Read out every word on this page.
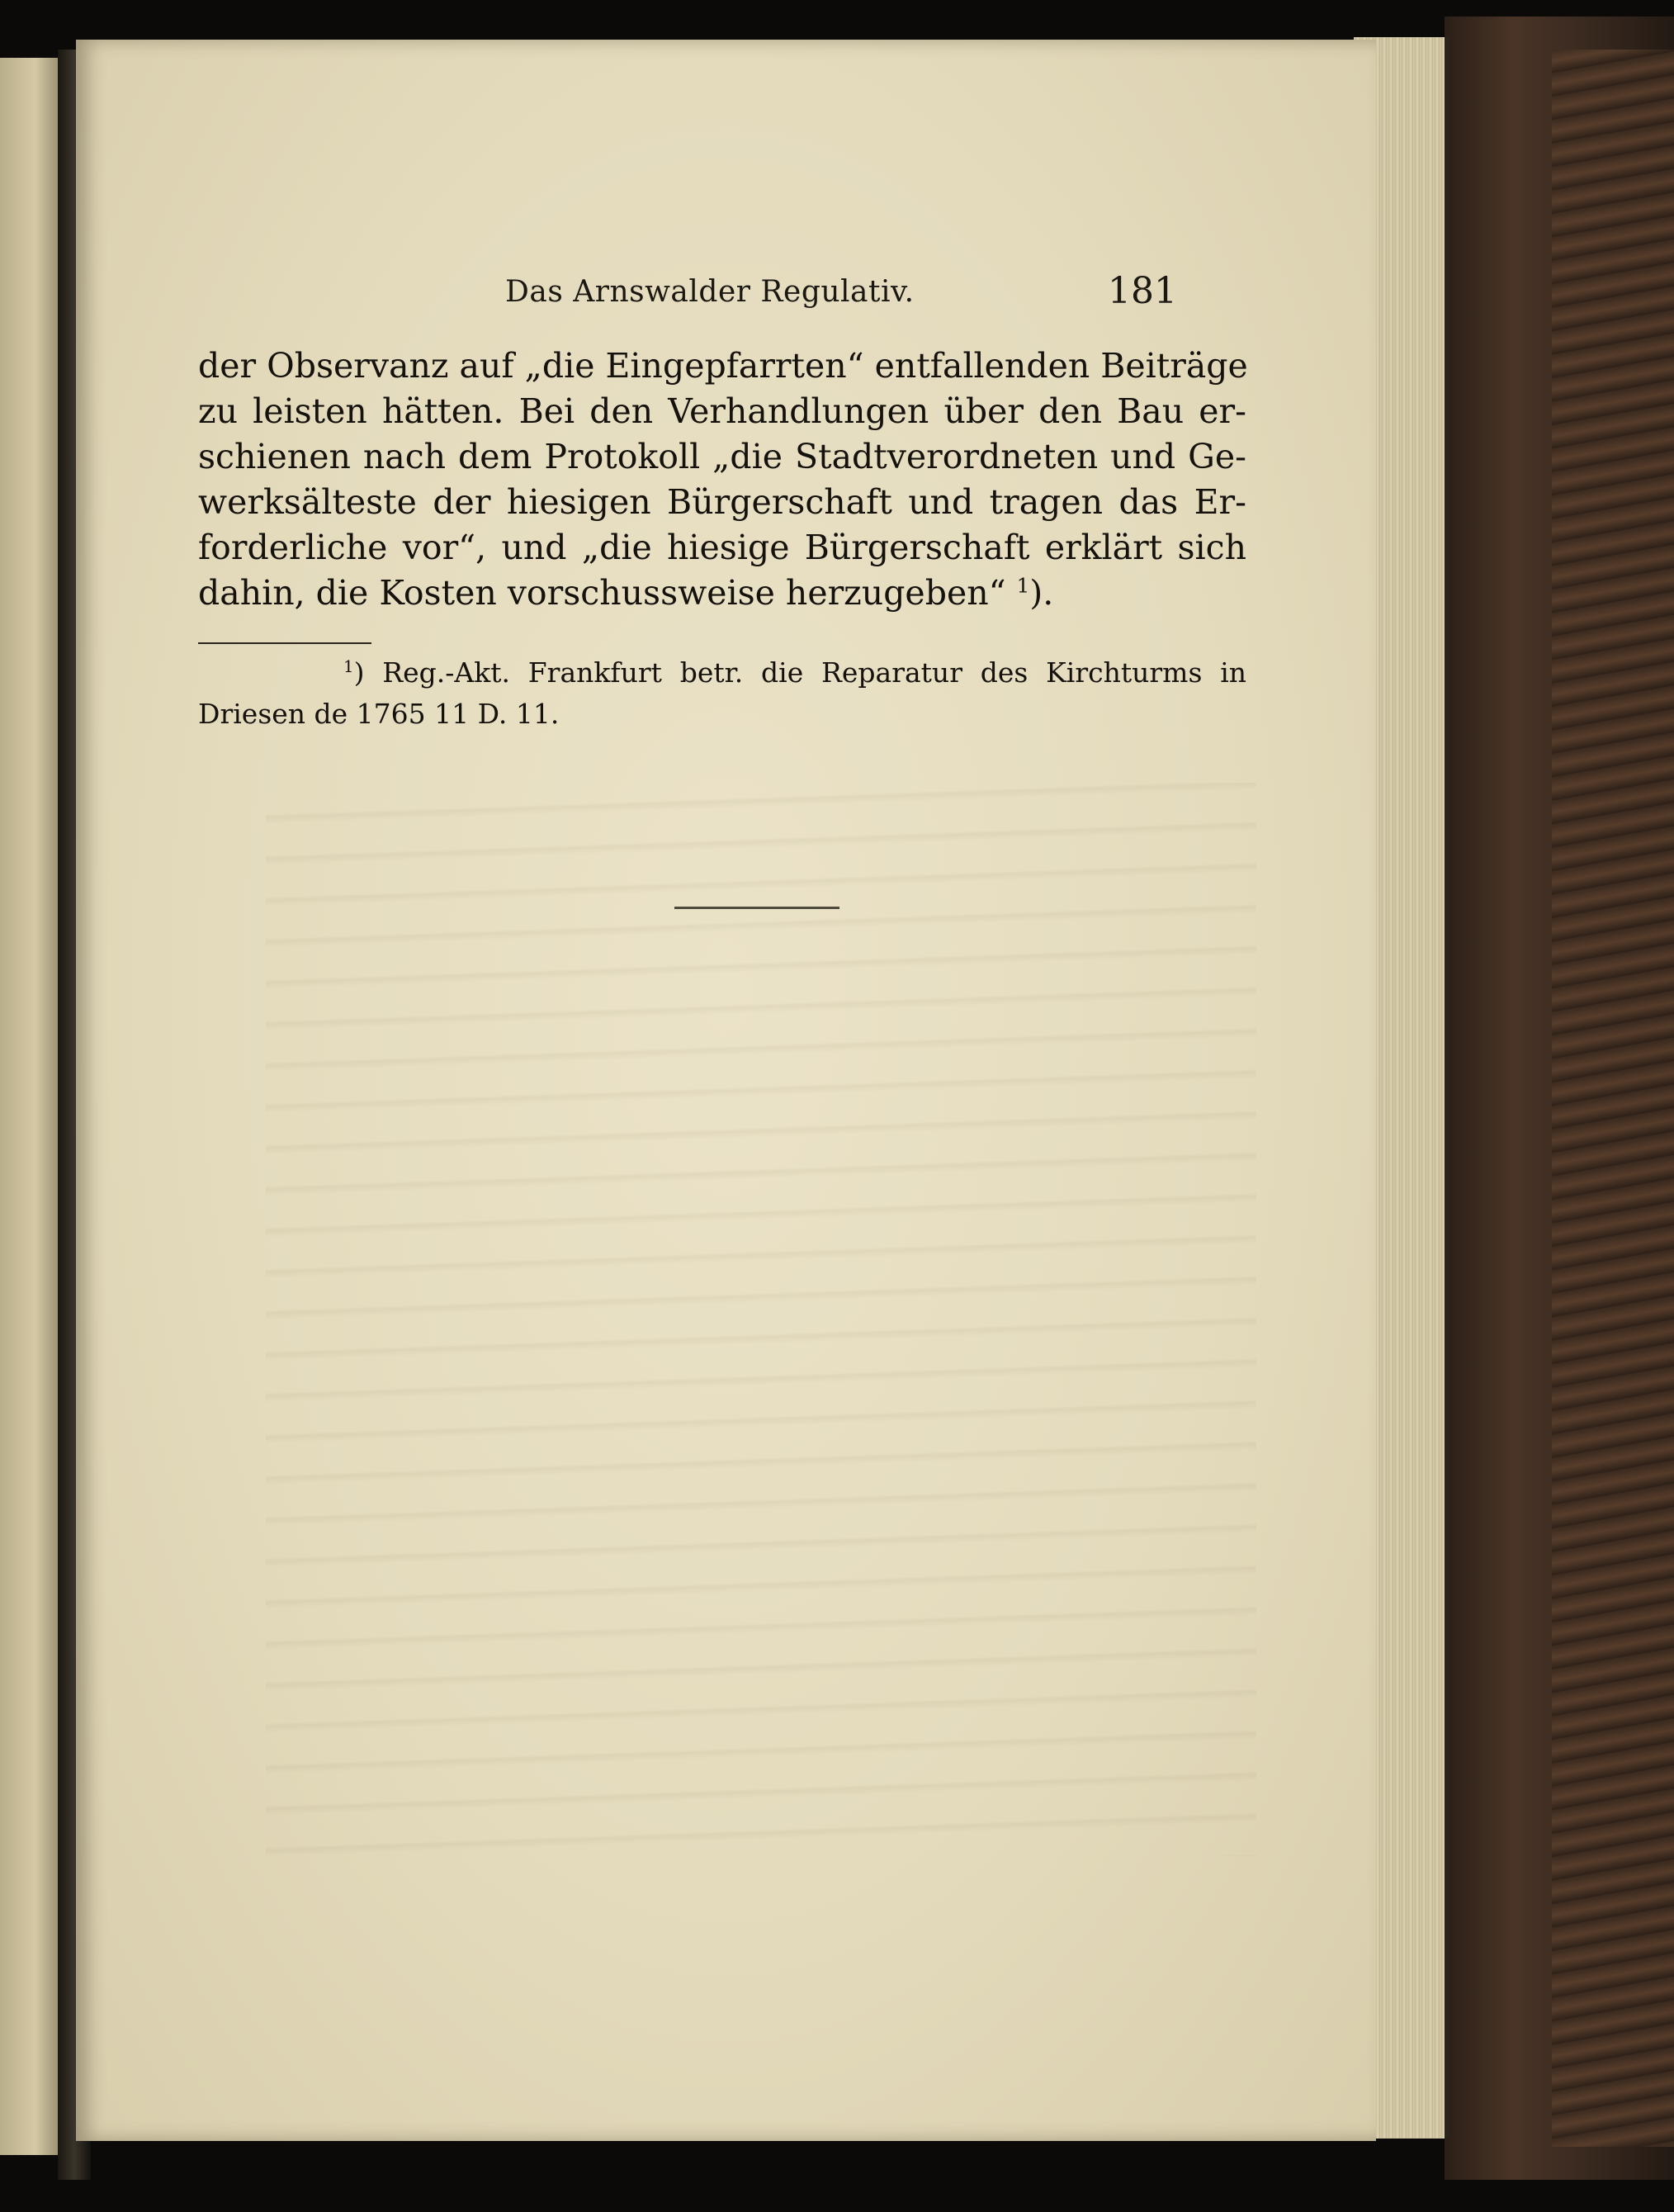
Das Arnswalder Regulativ.	181
der Observanz auf „die Eingepfarrten“ entfallenden Beiträge
zu leisten hätten. Bei den Verhandlungen über den Bau er-
schienen nach dem Protokoll „die Stadtverordneten und Ge-
werksälteste der hiesigen Bürgerschaft und tragen das Er-
forderliche vor“, und „die hiesige Bürgerschaft erklärt sich
dahin, die Kosten vorschussweise herzugeben“ $^1$).
$^1$) Reg.-Akt. Frankfurt betr. die Reparatur des Kirchturms in
Driesen de 1765 11 D. 11.
